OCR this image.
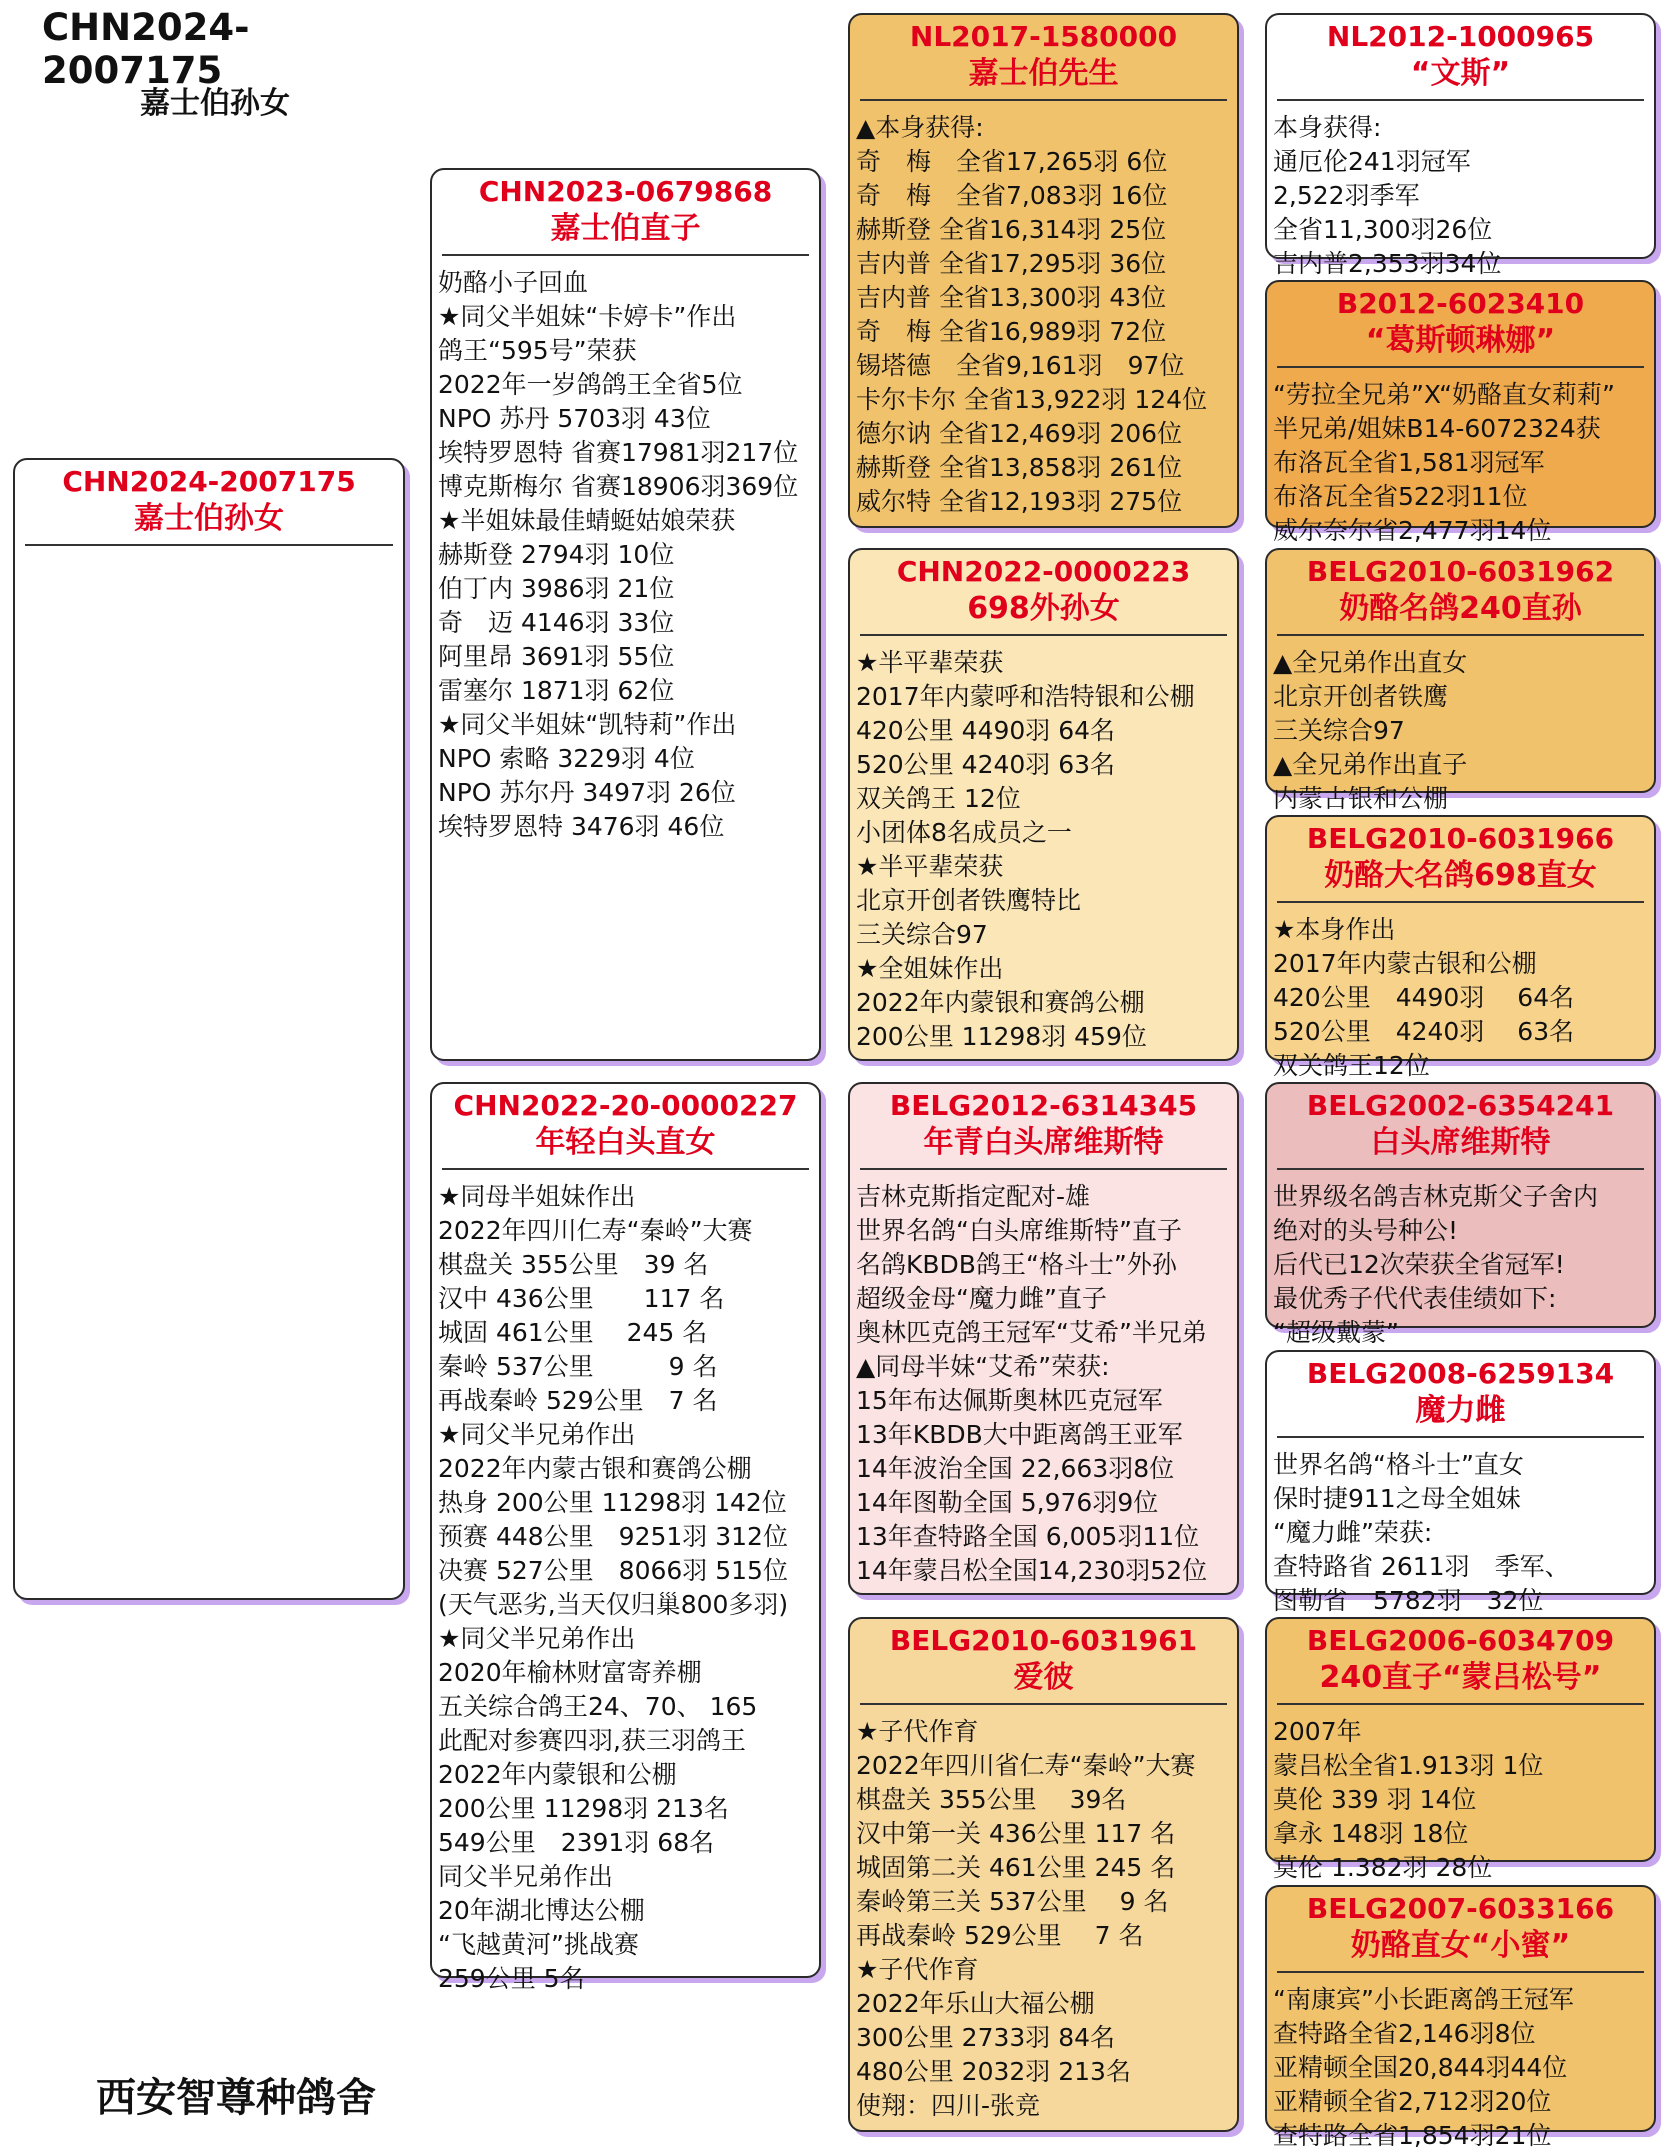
CHN2024-2007175
嘉士伯孙女
CHN2024-2007175
嘉士伯孙女
CHN2023-0679868
嘉士伯直子
奶酪小子回血
★同父半姐妹“卡婷卡”作出
鸽王“595号”荣获
2022年一岁鸽鸽王全省5位
NPO 苏丹 5703羽 43位
埃特罗恩特 省赛17981羽217位
博克斯梅尔 省赛18906羽369位
★半姐妹最佳蜻蜓姑娘荣获
赫斯登 2794羽 10位
伯丁内 3986羽 21位
奇　迈 4146羽 33位
阿里昂 3691羽 55位
雷塞尔 1871羽 62位
★同父半姐妹“凯特莉”作出
NPO 索略 3229羽 4位
NPO 苏尔丹 3497羽 26位
埃特罗恩特 3476羽 46位
CHN2022-20-0000227
年轻白头直女
★同母半姐妹作出
2022年四川仁寿“秦岭”大赛
棋盘关 355公里　39 名
汉中 436公里　　117 名
城固 461公里　 245 名
秦岭 537公里　　　9 名
再战秦岭 529公里　7 名
★同父半兄弟作出
2022年内蒙古银和赛鸽公棚
热身 200公里 11298羽 142位
预赛 448公里　9251羽 312位
决赛 527公里　8066羽 515位
(天气恶劣,当天仅归巢800多羽)
★同父半兄弟作出
2020年榆林财富寄养棚
五关综合鸽王24、70、 165
此配对参赛四羽,获三羽鸽王
2022年内蒙银和公棚
200公里 11298羽 213名
549公里　2391羽 68名
同父半兄弟作出
20年湖北博达公棚
“飞越黄河”挑战赛
259公里 5名
NL2017-1580000
嘉士伯先生
▲本身获得:
奇　梅　全省17,265羽 6位
奇　梅　全省7,083羽 16位
赫斯登 全省16,314羽 25位
吉内普 全省17,295羽 36位
吉内普 全省13,300羽 43位
奇　梅 全省16,989羽 72位
锡塔德　全省9,161羽　97位
卡尔卡尔 全省13,922羽 124位
德尔讷 全省12,469羽 206位
赫斯登 全省13,858羽 261位
威尔特 全省12,193羽 275位
CHN2022-0000223
698外孙女
★半平辈荣获
2017年内蒙呼和浩特银和公棚
420公里 4490羽 64名
520公里 4240羽 63名
双关鸽王 12位
小团体8名成员之一
★半平辈荣获
北京开创者铁鹰特比
三关综合97
★全姐妹作出
2022年内蒙银和赛鸽公棚
200公里 11298羽 459位
BELG2012-6314345
年青白头席维斯特
吉林克斯指定配对-雄
世界名鸽“白头席维斯特”直子
名鸽KBDB鸽王“格斗士”外孙
超级金母“魔力雌”直子
奥林匹克鸽王冠军“艾希”半兄弟
▲同母半妹“艾希”荣获:
15年布达佩斯奥林匹克冠军
13年KBDB大中距离鸽王亚军
14年波治全国 22,663羽8位
14年图勒全国 5,976羽9位
13年查特路全国 6,005羽11位
14年蒙吕松全国14,230羽52位
BELG2010-6031961
爱彼
★子代作育
2022年四川省仁寿“秦岭”大赛
棋盘关 355公里　 39名
汉中第一关 436公里 117 名
城固第二关 461公里 245 名
秦岭第三关 537公里　 9 名
再战秦岭 529公里　 7 名
★子代作育
2022年乐山大福公棚
300公里 2733羽 84名
480公里 2032羽 213名
使翔：四川-张竞
NL2012-1000965
“文斯”
本身获得:
通厄伦241羽冠军
2,522羽季军
全省11,300羽26位
吉内普2,353羽34位
B2012-6023410
“葛斯顿琳娜”
“劳拉全兄弟”X“奶酪直女莉莉”
半兄弟/姐妹B14-6072324获
布洛瓦全省1,581羽冠军
布洛瓦全省522羽11位
威尔奈尔省2,477羽14位
BELG2010-6031962
奶酪名鸽240直孙
▲全兄弟作出直女
北京开创者铁鹰
三关综合97
▲全兄弟作出直子
内蒙古银和公棚
BELG2010-6031966
奶酪大名鸽698直女
★本身作出
2017年内蒙古银和公棚
420公里　4490羽　 64名
520公里　4240羽　 63名
双关鸽王12位
BELG2002-6354241
白头席维斯特
世界级名鸽吉林克斯父子舍内
绝对的头号种公!
后代已12次荣获全省冠军!
最优秀子代代表佳绩如下:
“超级戴蒙”
BELG2008-6259134
魔力雌
世界名鸽“格斗士”直女
保时捷911之母全姐妹
“魔力雌”荣获:
查特路省 2611羽　季军、
图勒省　5782羽　32位
BELG2006-6034709
240直子“蒙吕松号”
2007年
蒙吕松全省1.913羽 1位
莫伦 339 羽 14位
拿永 148羽 18位
莫伦 1.382羽 28位
BELG2007-6033166
奶酪直女“小蜜”
“南康宾”小长距离鸽王冠军
查特路全省2,146羽8位
亚精顿全国20,844羽44位
亚精顿全省2,712羽20位
查特路全省1,854羽21位
西安智尊种鸽舍
